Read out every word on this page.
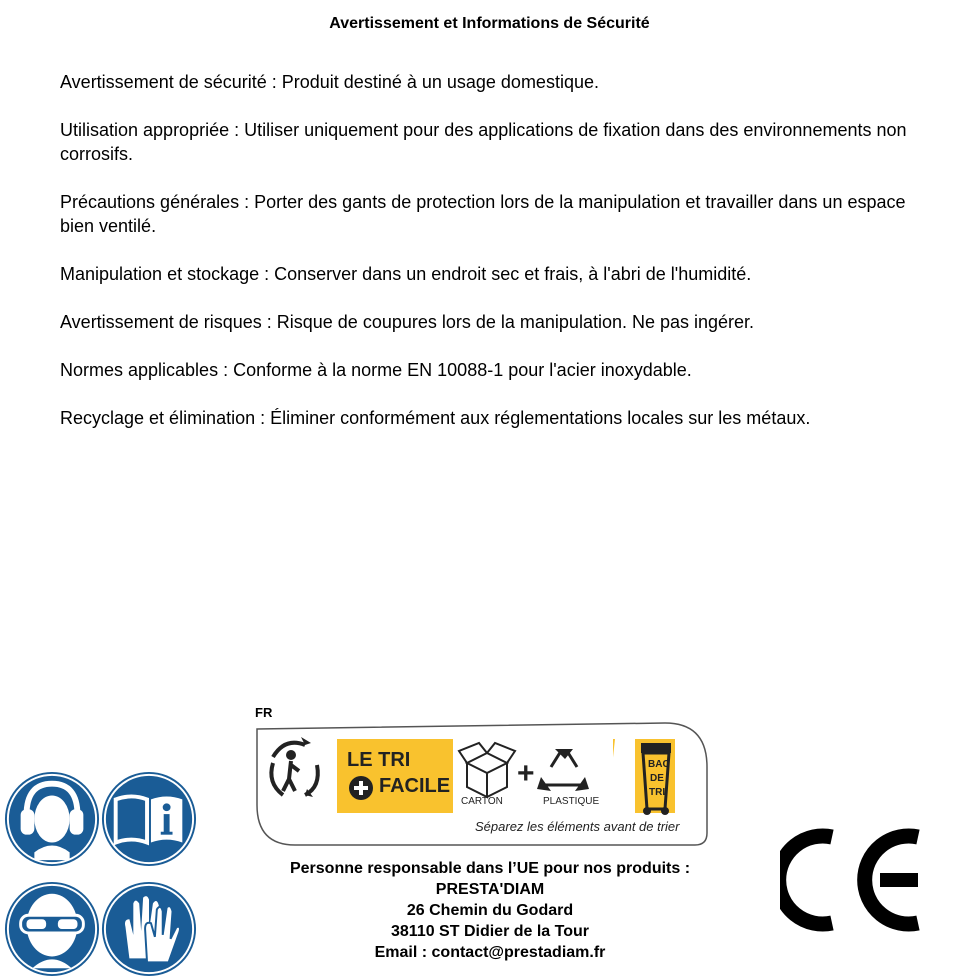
Avertissement et Informations de Sécurité

Avertissement de sécurité : Produit destiné à un usage domestique.

Utilisation appropriée : Utiliser uniquement pour des applications de fixation dans des environnements non corrosifs.

Précautions générales : Porter des gants de protection lors de la manipulation et travailler dans un espace bien ventilé.

Manipulation et stockage : Conserver dans un endroit sec et frais, à l'abri de l'humidité.

Avertissement de risques : Risque de coupures lors de la manipulation. Ne pas ingérer.

Normes applicables : Conforme à la norme EN 10088-1 pour l'acier inoxydable.

Recyclage et élimination : Éliminer conformément aux réglementations locales sur les métaux.

FR
LE TRI
FACILE +
CARTON	PLASTIQUE
BAC
DE
TRI
Séparez les éléments avant de trier
Personne responsable dans l’UE pour nos produits :
PRESTA'DIAM
26 Chemin du Godard
38110 ST Didier de la Tour
Email : contact@prestadiam.fr
